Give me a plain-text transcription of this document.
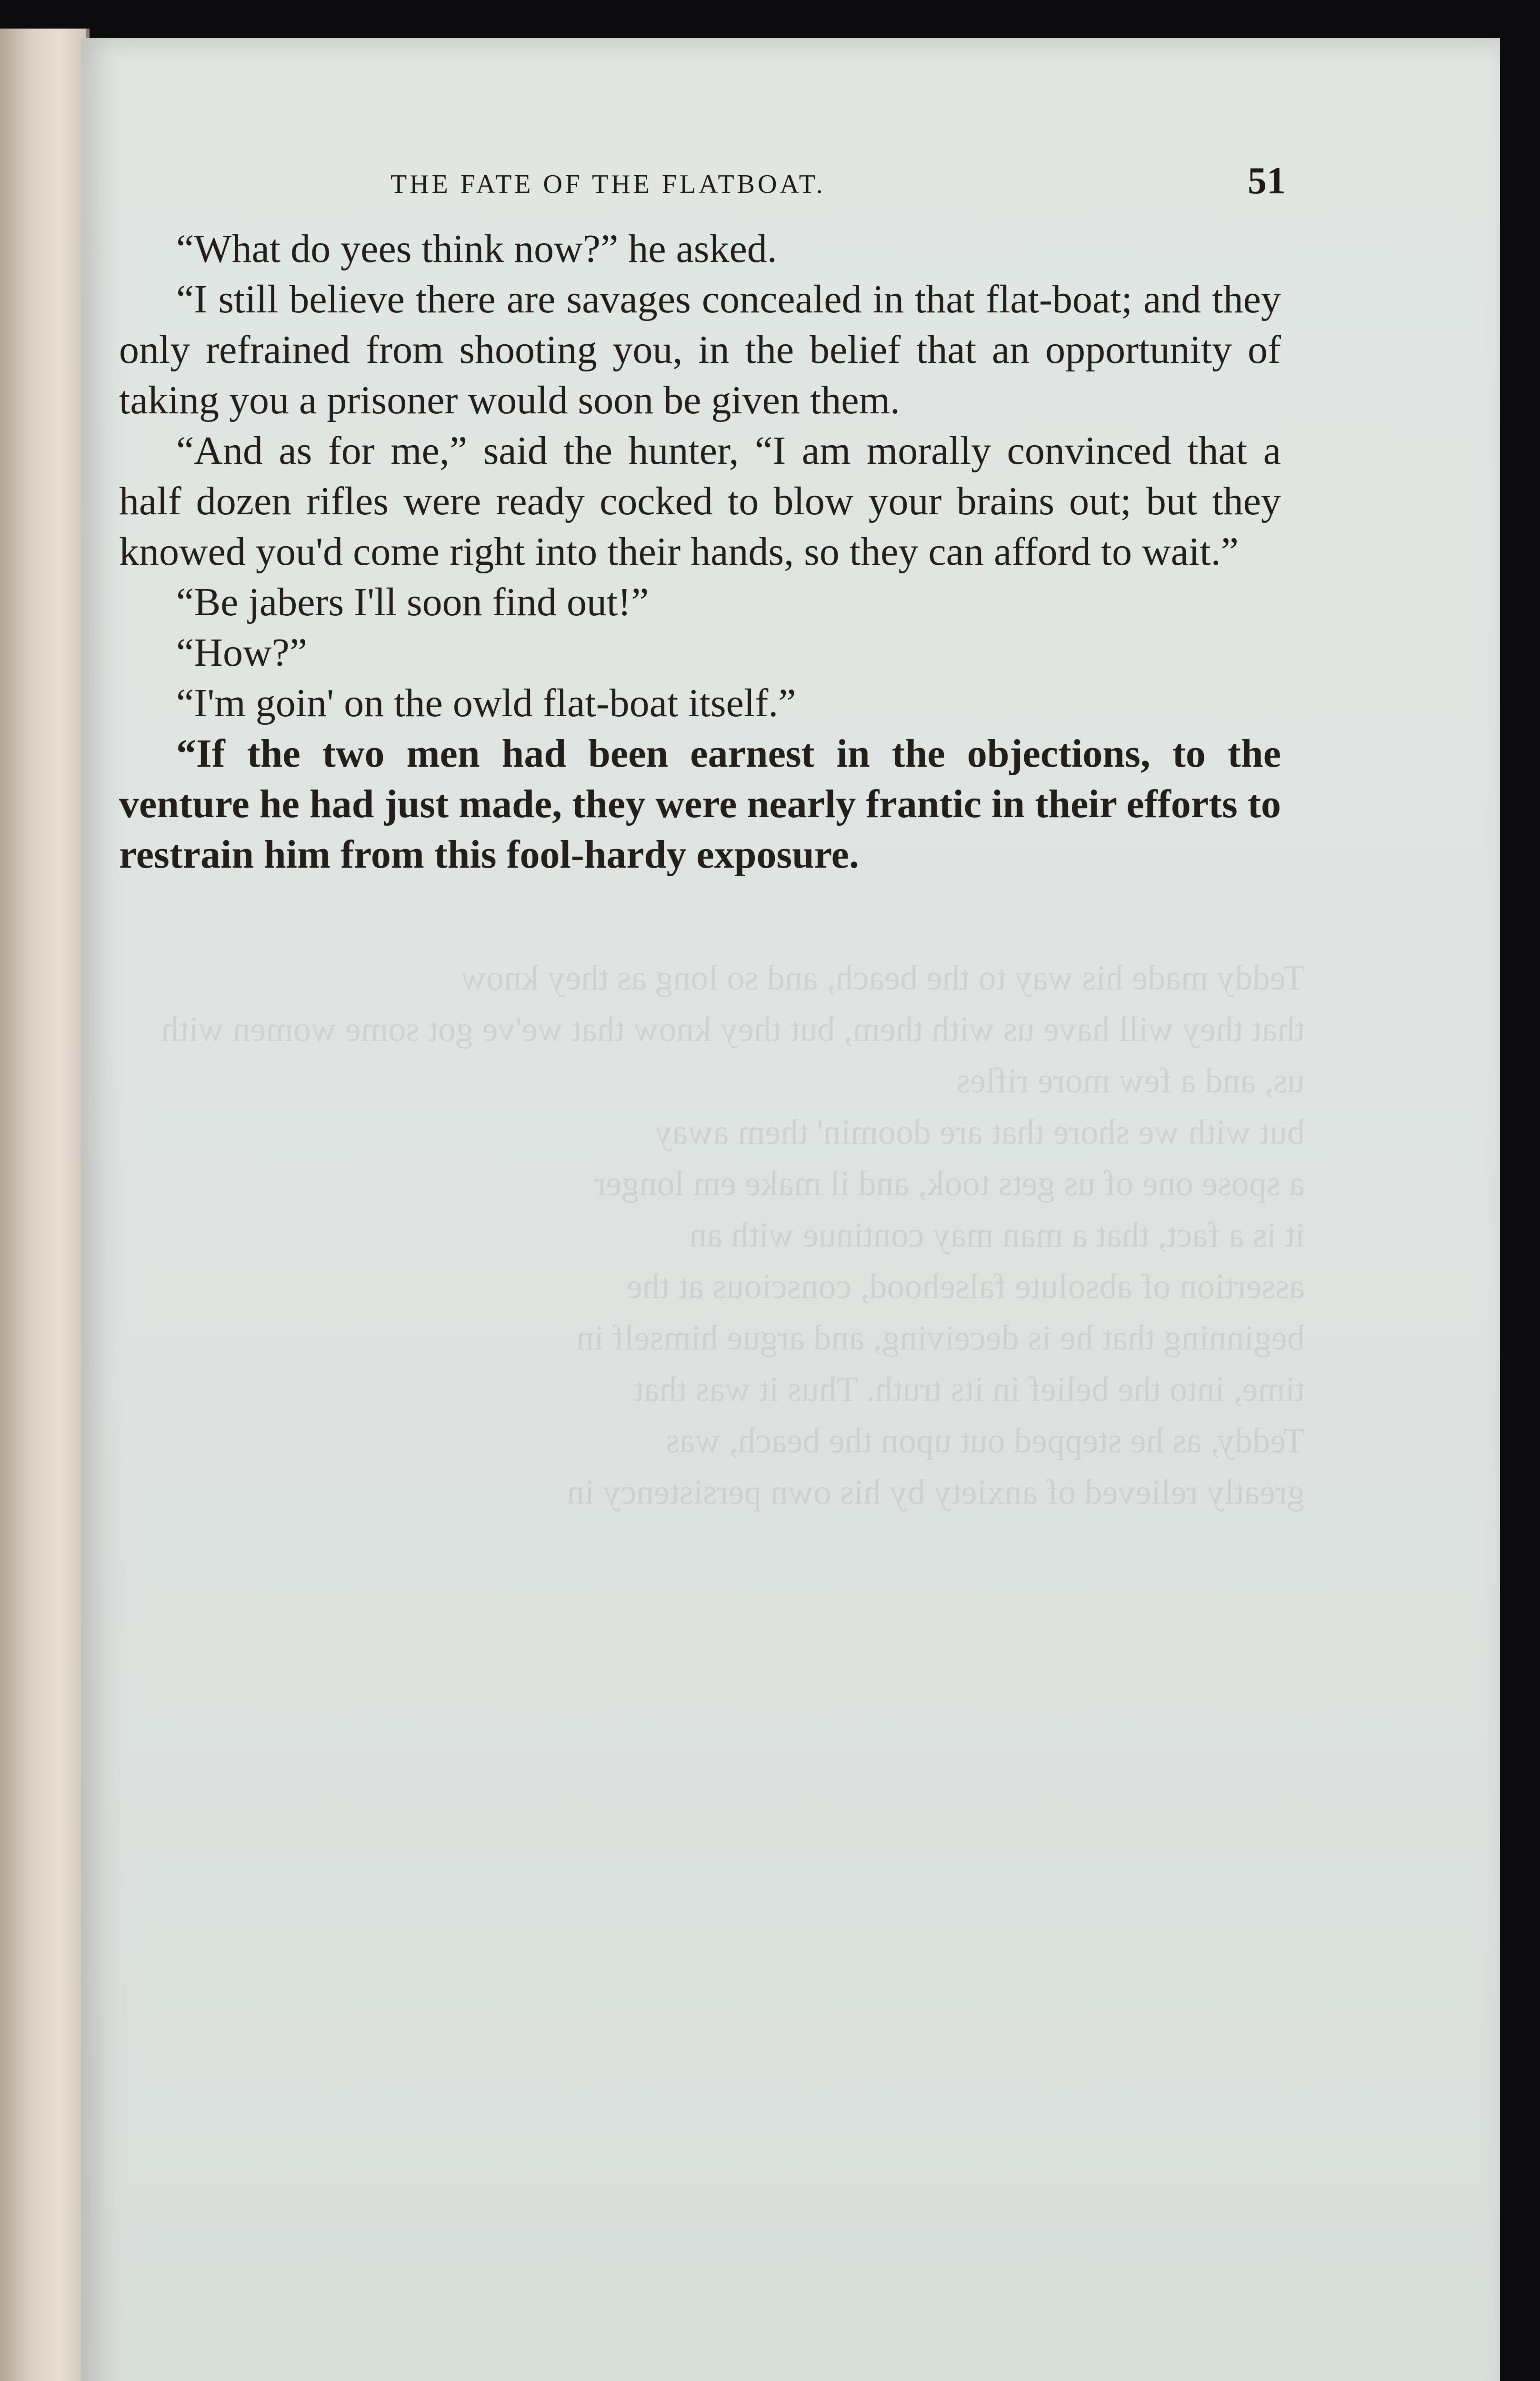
Teddy made his way to the beach, and so long as they know
that they will have us with them, but they know that we've got some women with us, and a few more rifles
but with we shore that are doomin' them away
a spose one of us gets took, and il make em longer
it is a fact, that a man may continue with an
assertion of absolute falsehood, conscious at the
beginning that he is deceiving, and argue himself in
time, into the belief in its truth. Thus it was that
Teddy, as he stepped out upon the beach, was
greatly relieved of anxiety by his own persistency in
THE FATE OF THE FLATBOAT.	51

“What do yees think now?” he asked.

“I still believe there are savages concealed in that flat-boat; and they only refrained from shooting you, in the belief that an opportunity of taking you a prisoner would soon be given them.

“And as for me,” said the hunter, “I am morally convinced that a half dozen rifles were ready cocked to blow your brains out; but they knowed you'd come right into their hands, so they can afford to wait.”

“Be jabers I'll soon find out!”

“How?”

“I'm goin' on the owld flat-boat itself.”

“If the two men had been earnest in the objections, to the venture he had just made, they were nearly frantic in their efforts to restrain him from this fool-hardy exposure.
